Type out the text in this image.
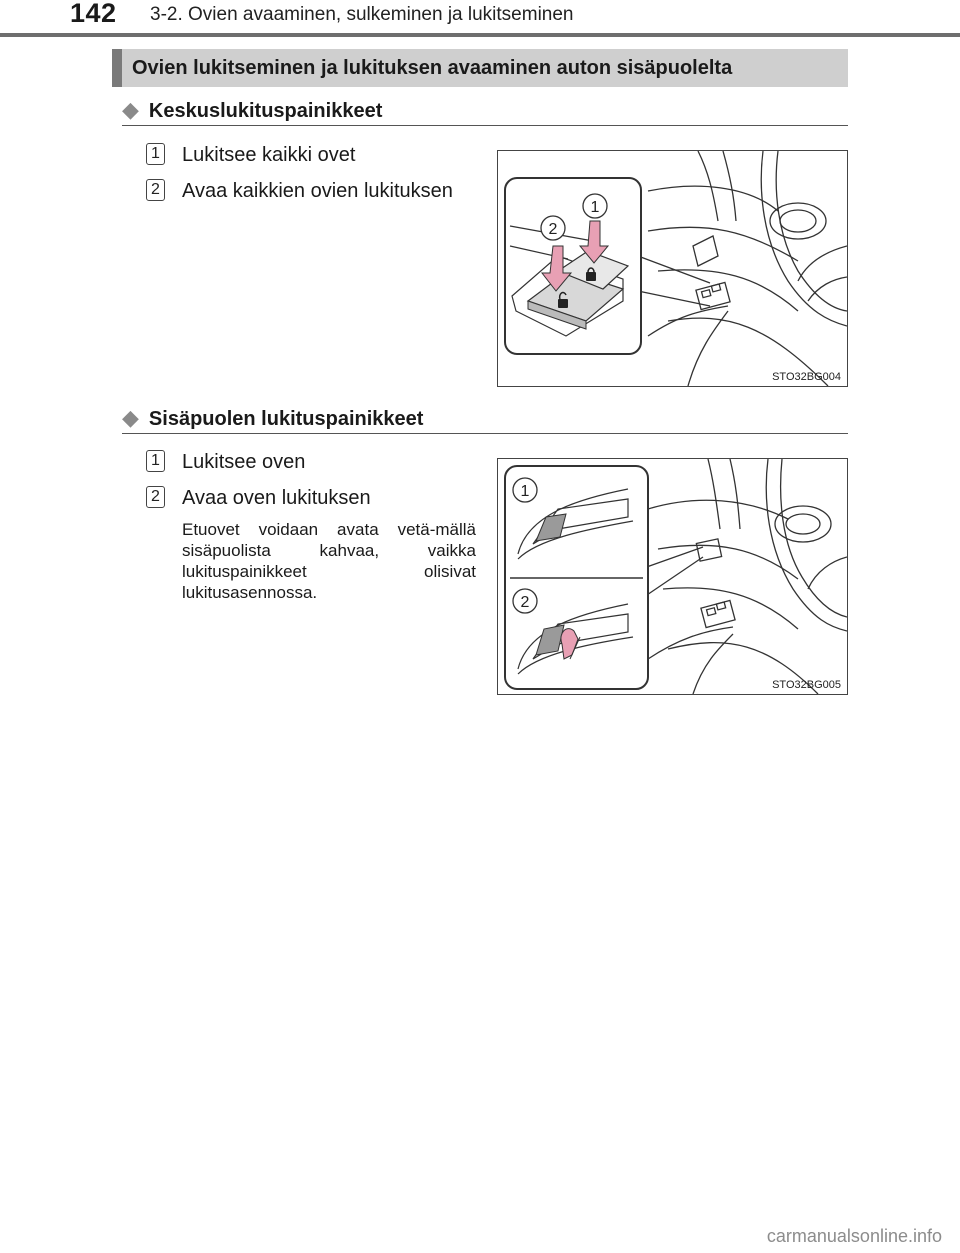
142 3-2. Ovien avaaminen, sulkeminen ja lukitseminen
Ovien lukitseminen ja lukituksen avaaminen auton sisäpuolelta
◆ Keskuslukituspainikkeet
1 Lukitsee kaikki ovet
2 Avaa kaikkien ovien lukituksen
1
2
STO32BG004
◆ Sisäpuolen lukituspainikkeet
1 Lukitsee oven
2 Avaa oven lukituksen
Etuovet voidaan avata vetä-mällä sisäpuolista kahvaa, vaikka lukituspainikkeet olisivat lukitusasennossa.
1
2
STO32BG005
carmanualsonline.info
